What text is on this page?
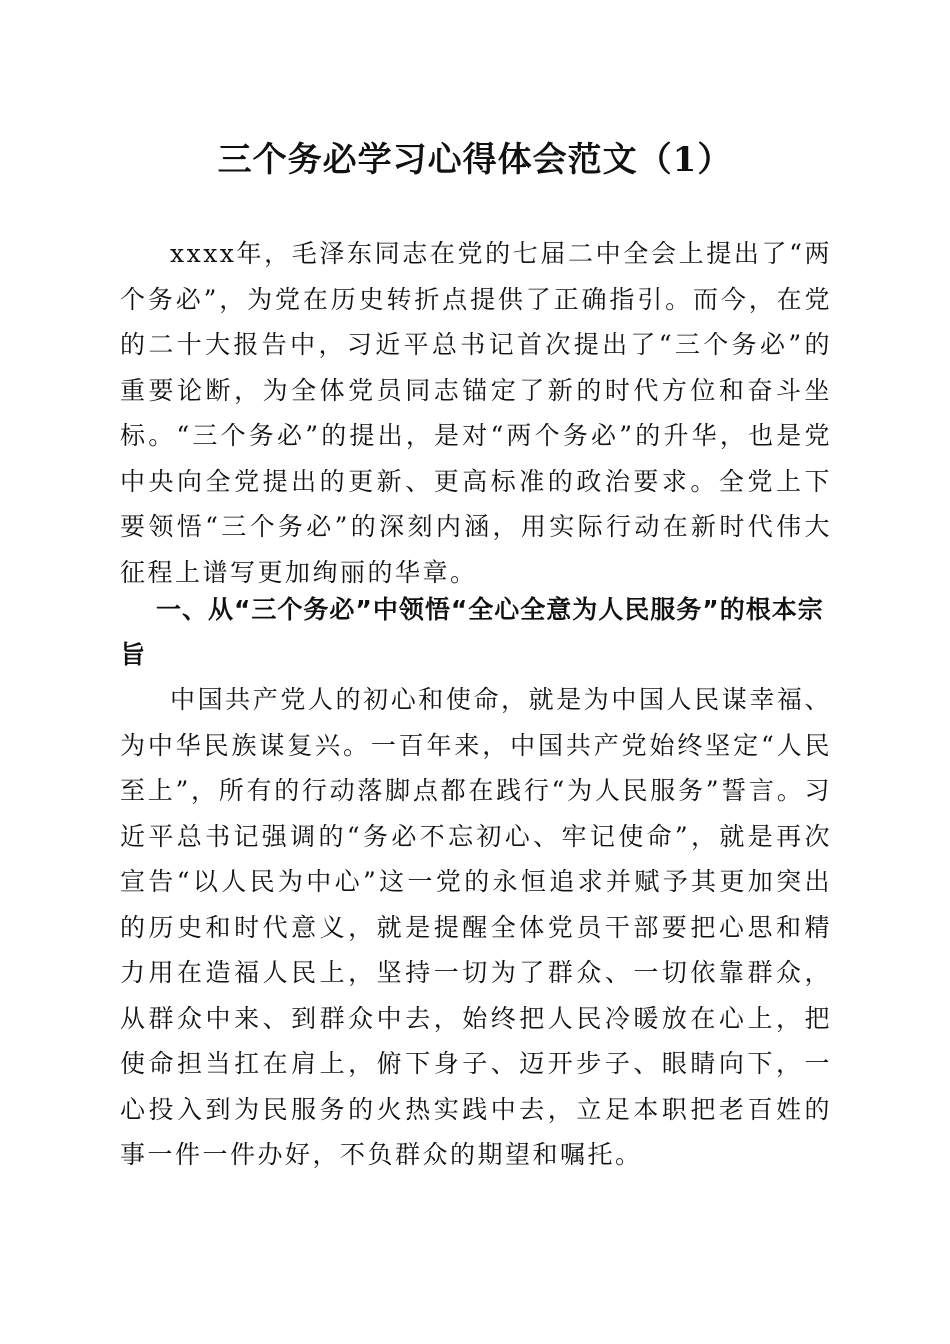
三个务必学习心得体会范文（1）

xxxx年，毛泽东同志在党的七届二中全会上提出了“两个务必”，为党在历史转折点提供了正确指引。而今，在党的二十大报告中，习近平总书记首次提出了“三个务必”的重要论断，为全体党员同志锚定了新的时代方位和奋斗坐标。“三个务必”的提出，是对“两个务必”的升华，也是党中央向全党提出的更新、更高标准的政治要求。全党上下要领悟“三个务必”的深刻内涵，用实际行动在新时代伟大征程上谱写更加绚丽的华章。

一、从“三个务必”中领悟“全心全意为人民服务”的根本宗旨

中国共产党人的初心和使命，就是为中国人民谋幸福、为中华民族谋复兴。一百年来，中国共产党始终坚定“人民至上”，所有的行动落脚点都在践行“为人民服务”誓言。习近平总书记强调的“务必不忘初心、牢记使命”，就是再次宣告“以人民为中心”这一党的永恒追求并赋予其更加突出的历史和时代意义，就是提醒全体党员干部要把心思和精力用在造福人民上，坚持一切为了群众、一切依靠群众，从群众中来、到群众中去，始终把人民冷暖放在心上，把使命担当扛在肩上，俯下身子、迈开步子、眼睛向下，一心投入到为民服务的火热实践中去，立足本职把老百姓的事一件一件办好，不负群众的期望和嘱托。
